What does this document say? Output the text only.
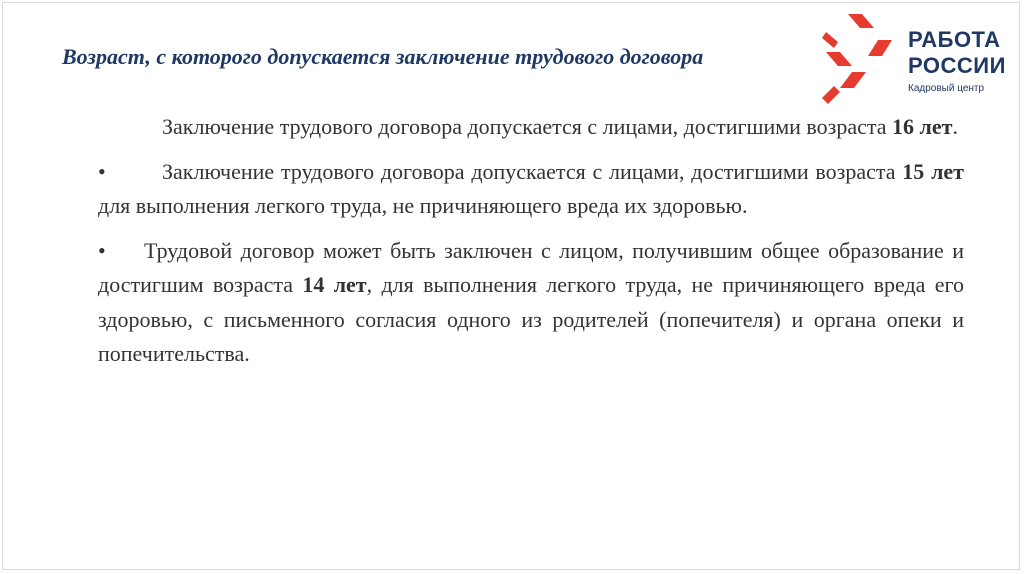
Возраст, с которого допускается заключение трудового договора
РАБОТА
РОССИИ
Кадровый центр

Заключение трудового договора допускается с лицами, достигшими возраста 16 лет.

•	Заключение трудового договора допускается с лицами, достигшими возраста 15 лет для выполнения легкого труда, не причиняющего вреда их здоровью.

• Трудовой договор может быть заключен с лицом, получившим общее образование и достигшим возраста 14 лет, для выполнения легкого труда, не причиняющего вреда его здоровью, с письменного согласия одного из родителей (попечителя) и органа опеки и попечительства.
